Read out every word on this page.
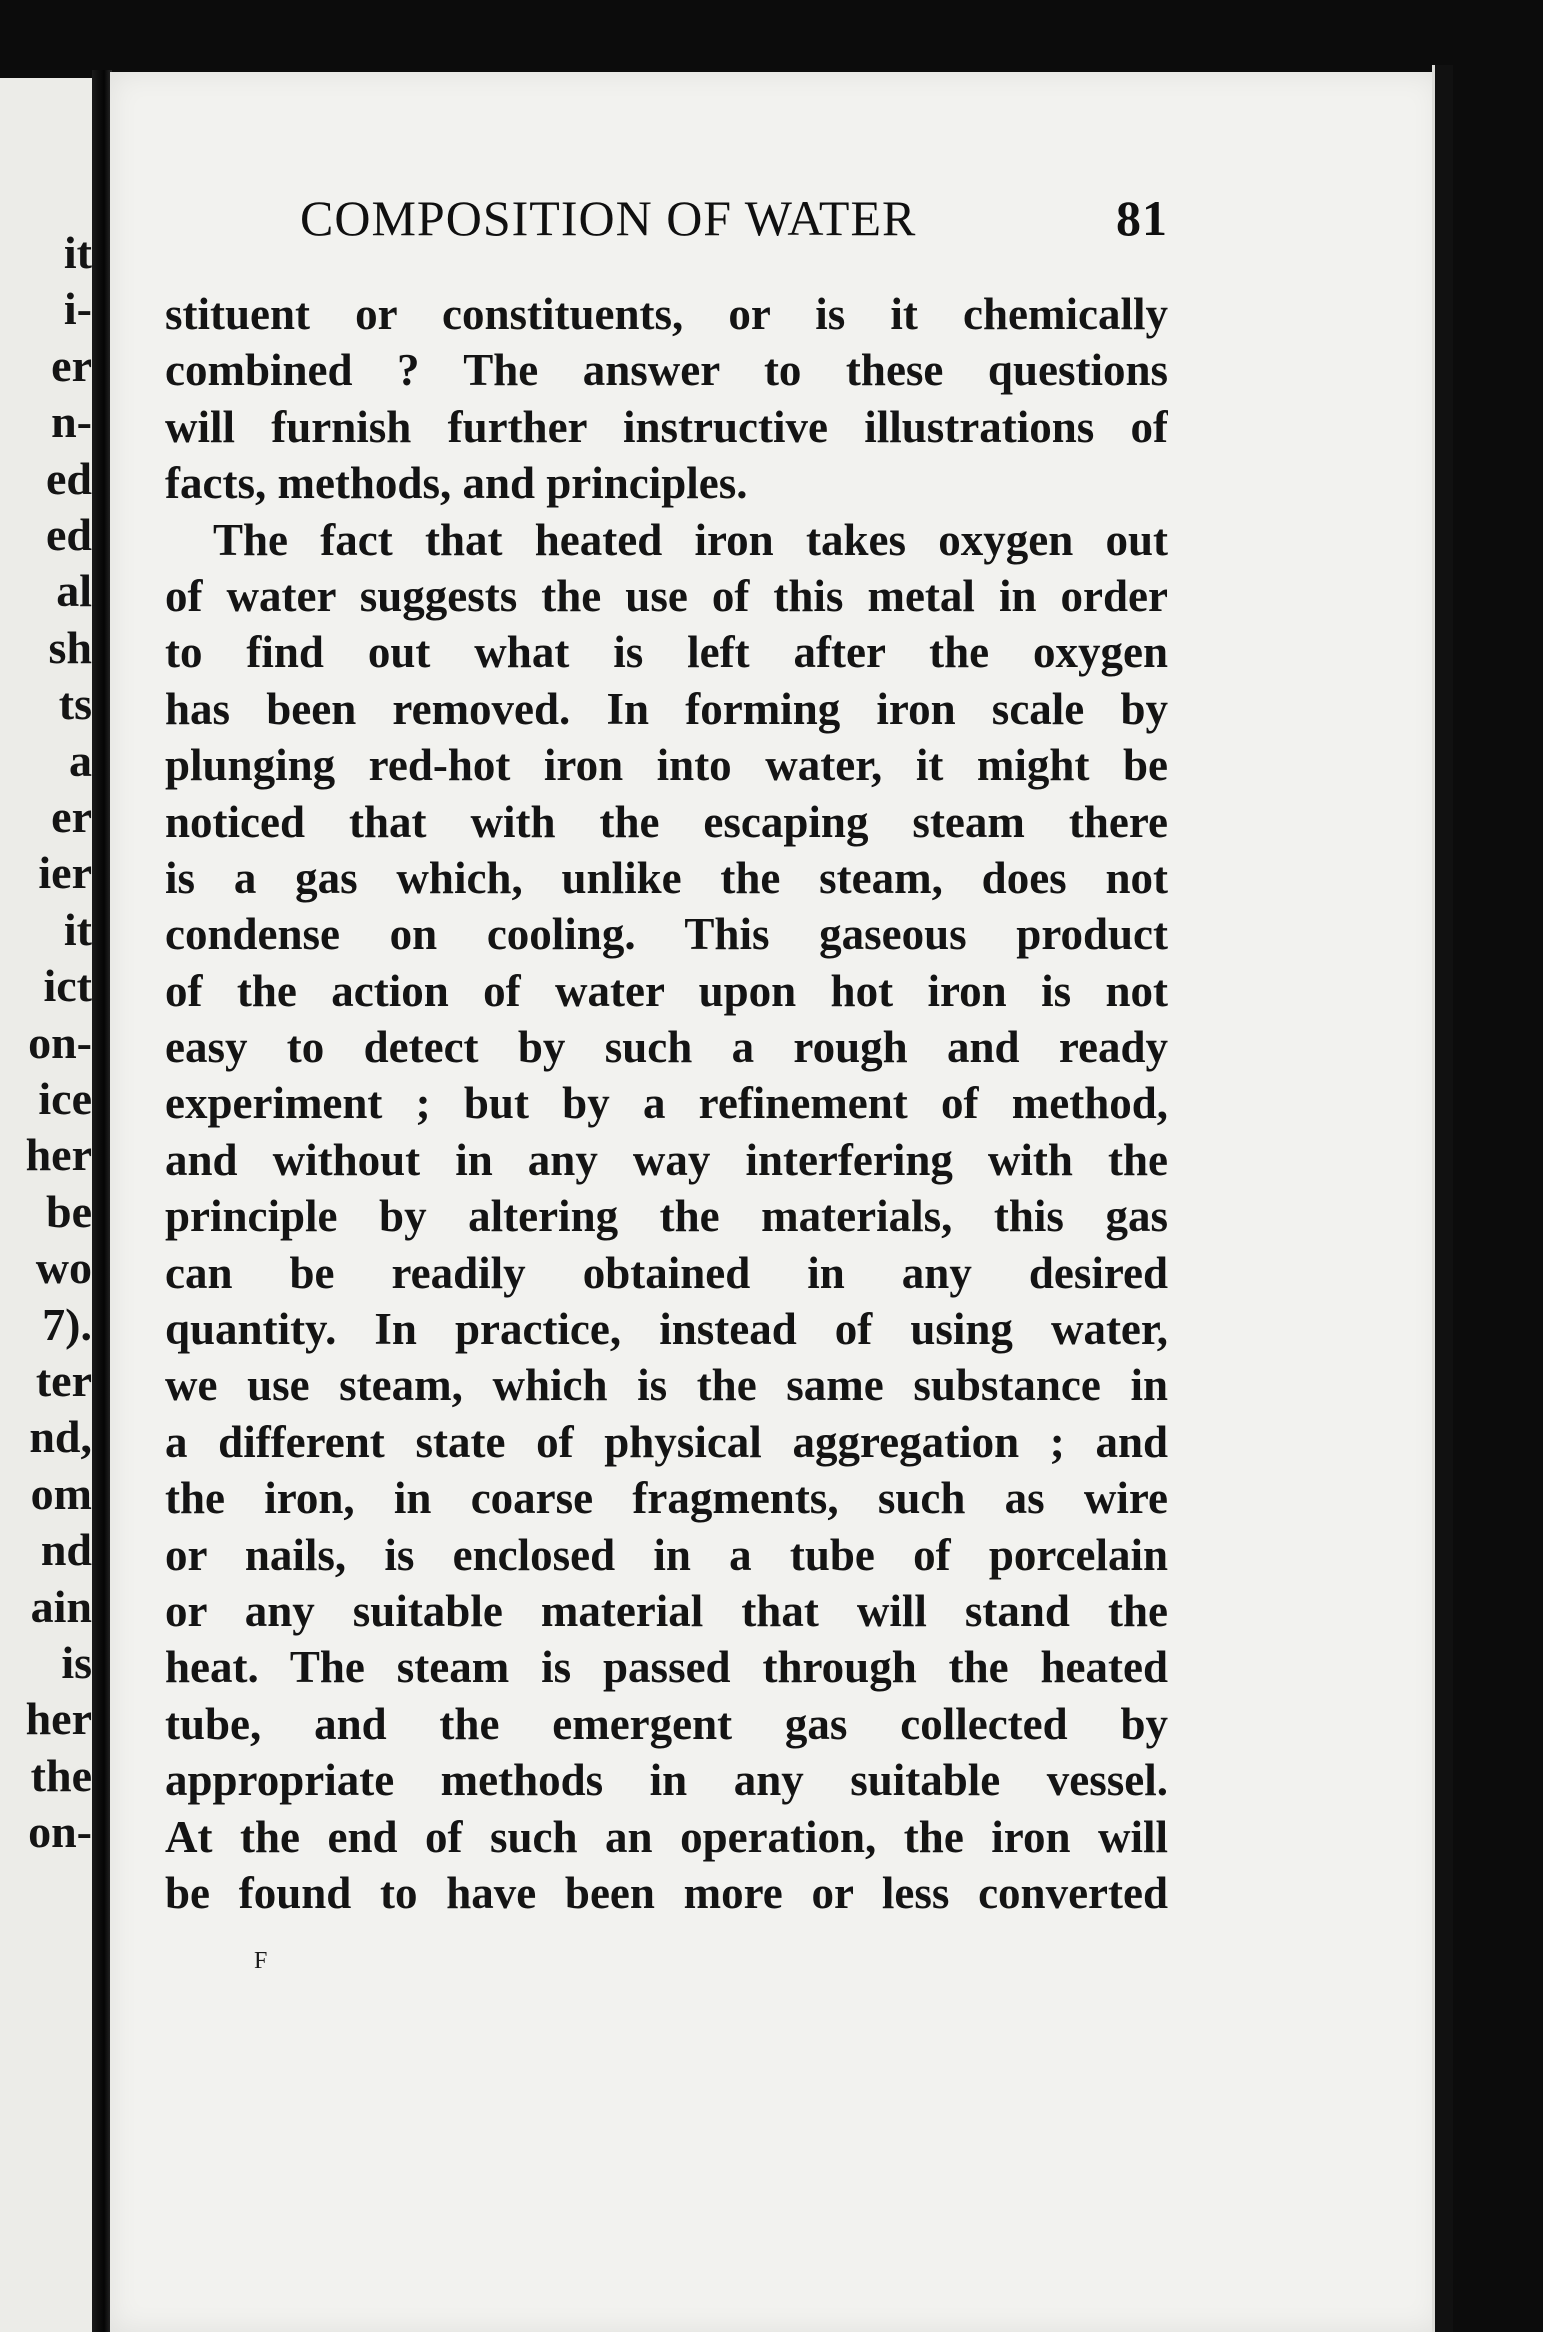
it
i-
er
n-
ed
ed
al
sh
ts
a
er
ier
it
ict
on-
ice
her
be
wo
7).
ter
nd,
om
nd
ain
is
her
the
on-
COMPOSITION OF WATER	81
stituent or constituents, or is it chemically
combined ? The answer to these questions
will furnish further instructive illustrations of
facts, methods, and principles.
The fact that heated iron takes oxygen out
of water suggests the use of this metal in order
to find out what is left after the oxygen
has been removed. In forming iron scale by
plunging red-hot iron into water, it might be
noticed that with the escaping steam there
is a gas which, unlike the steam, does not
condense on cooling. This gaseous product
of the action of water upon hot iron is not
easy to detect by such a rough and ready
experiment ; but by a refinement of method,
and without in any way interfering with the
principle by altering the materials, this gas
can be readily obtained in any desired
quantity. In practice, instead of using water,
we use steam, which is the same substance in
a different state of physical aggregation ; and
the iron, in coarse fragments, such as wire
or nails, is enclosed in a tube of porcelain
or any suitable material that will stand the
heat. The steam is passed through the heated
tube, and the emergent gas collected by
appropriate methods in any suitable vessel.
At the end of such an operation, the iron will
be found to have been more or less converted
F
